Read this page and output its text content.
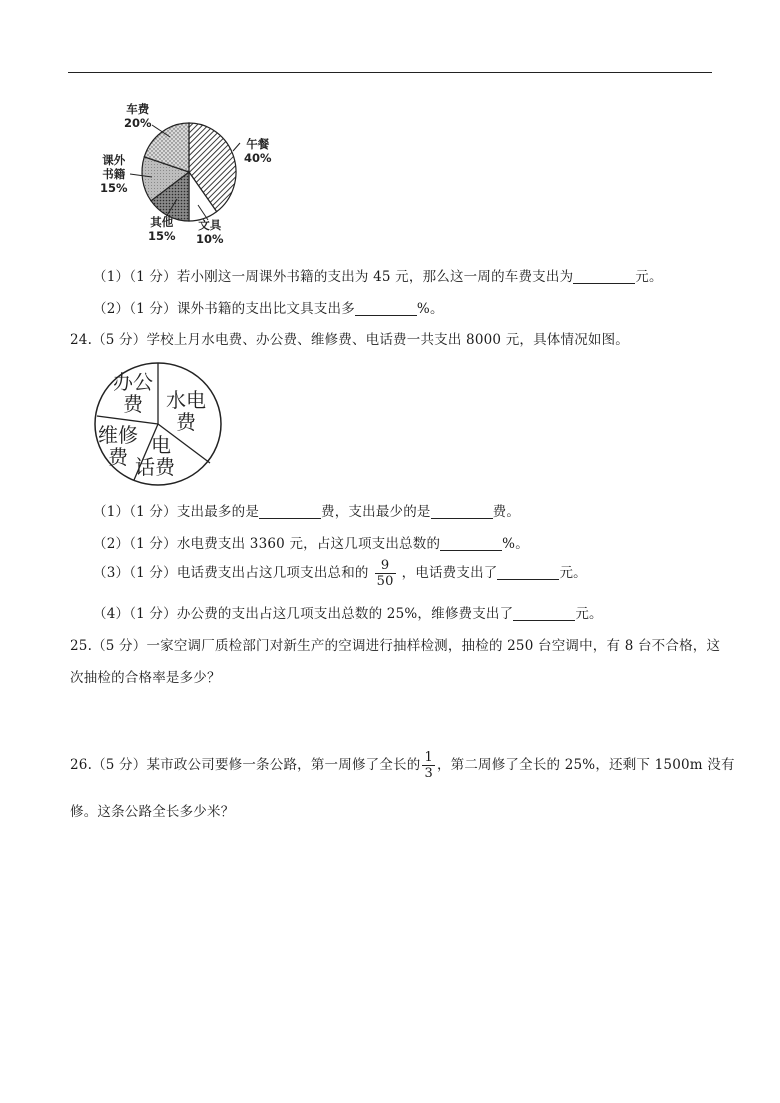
车费
20%
午餐
40%
课外
书籍
15%
其他
15%
文具
10%
（1）（1 分）若小刚这一周课外书籍的支出为 45 元，那么这一周的车费支出为	元。
（2）（1 分）课外书籍的支出比文具支出多	%。
24.（5 分）学校上月水电费、办公费、维修费、电话费一共支出 8000 元，具体情况如图。
办公
费	水电
费
维修
费	电
话费
（1）（1 分）支出最多的是	费，支出最少的是	费。
（2）（1 分）水电费支出 3360 元，占这几项支出总数的	%。
（3）（1 分）电话费支出占这几项支出总和的 $\frac{9}{50}$ ，电话费支出了	元。
（4）（1 分）办公费的支出占这几项支出总数的 25%，维修费支出了	元。
25.（5 分）一家空调厂质检部门对新生产的空调进行抽样检测，抽检的 250 台空调中，有 8 台不合格，这
次抽检的合格率是多少？
26.（5 分）某市政公司要修一条公路，第一周修了全长的 $\frac{1}{3}$ ，第二周修了全长的 25%，还剩下 1500m 没有
修。这条公路全长多少米？
